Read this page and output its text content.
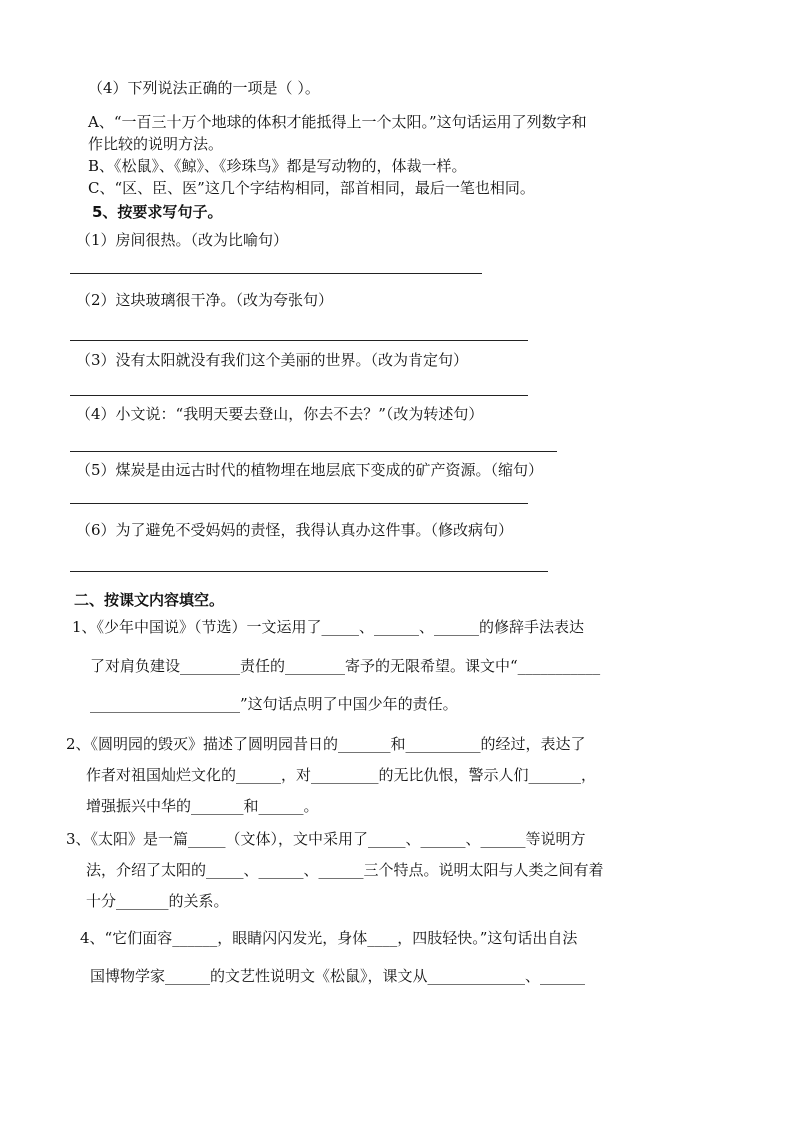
（4）下列说法正确的一项是（ ）。
A、“一百三十万个地球的体积才能抵得上一个太阳。”这句话运用了列数字和
作比较的说明方法。
B、《松鼠》、《鲸》、《珍珠鸟》都是写动物的，体裁一样。
C、“区、臣、医”这几个字结构相同，部首相同，最后一笔也相同。
5、按要求写句子。
（1）房间很热。（改为比喻句）
（2）这块玻璃很干净。（改为夸张句）
（3）没有太阳就没有我们这个美丽的世界。（改为肯定句）
（4）小文说：“我明天要去登山，你去不去？”（改为转述句）
（5）煤炭是由远古时代的植物埋在地层底下变成的矿产资源。（缩句）
（6）为了避免不受妈妈的责怪，我得认真办这件事。（修改病句）
二、按课文内容填空。
1、《少年中国说》（节选）一文运用了_____、______、______的修辞手法表达
了对肩负建设________责任的________寄予的无限希望。课文中“___________
____________________”这句话点明了中国少年的责任。
2、《圆明园的毁灭》描述了圆明园昔日的_______和__________的经过，表达了
作者对祖国灿烂文化的______，对_________的无比仇恨，警示人们_______，
增强振兴中华的_______和______。
3、《太阳》是一篇_____（文体），文中采用了_____、______、______等说明方
法，介绍了太阳的_____、______、______三个特点。说明太阳与人类之间有着
十分_______的关系。
4、“它们面容______，眼睛闪闪发光，身体____，四肢轻快。”这句话出自法
国博物学家______的文艺性说明文《松鼠》，课文从_____________、______
